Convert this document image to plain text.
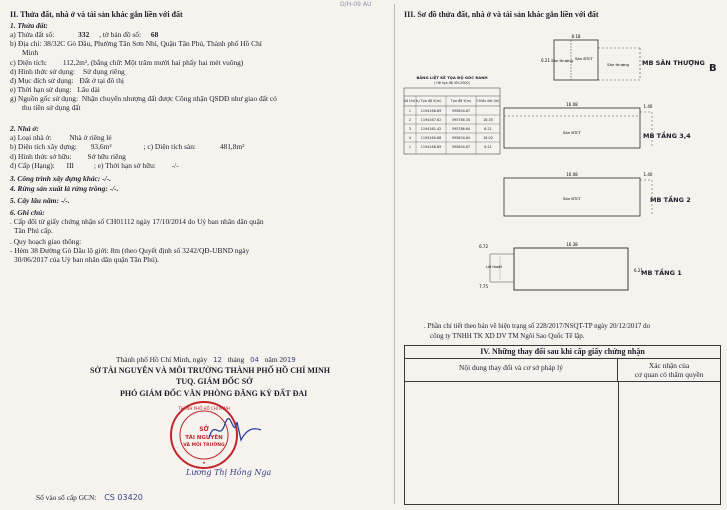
D/H-09 AU
II. Thửa đất, nhà ở và tài sản khác gắn liền với đất
1. Thửa đất:
a) Thửa đất số:	332 , tờ bản đồ số: 68
b) Địa chỉ: 38/32C Gò Dầu, Phường Tân Sơn Nhì, Quận Tân Phú, Thành phố Hồ Chí
Minh
c) Diện tích: 112,2m², (bằng chữ: Một trăm mười hai phẩy hai mét vuông)
d) Hình thức sử dụng: Sử dụng riêng
đ) Mục đích sử dụng: Đất ở tại đô thị
e) Thời hạn sử dụng: Lâu dài
g) Nguồn gốc sử dụng: Nhận chuyển nhượng đất được Công nhận QSDĐ như giao đất có
thu tiền sử dụng đất
2. Nhà ở:
a) Loại nhà ở: Nhà ở riêng lẻ
b) Diện tích xây dựng: 93,6m²	; c) Diện tích sàn:	481,8m²
d) Hình thức sở hữu: Sở hữu riêng
đ) Cấp (Hạng): III	; e) Thời hạn sở hữu: -/-
3. Công trình xây dựng khác: -/-.
4. Rừng sản xuất là rừng trồng: -/-.
5. Cây lâu năm: -/-.
6. Ghi chú:
. Cấp đổi từ giấy chứng nhận số CH01112 ngày 17/10/2014 do Uỷ ban nhân dân quận
Tân Phú cấp.
. Quy hoạch giao thông:
- Hẻm 38 Đường Gò Dầu lộ giới: 8m (theo Quyết định số 3242/QĐ-UBND ngày
30/06/2017 của Uỷ ban nhân dân quận Tân Phú).
Thành phố Hồ Chí Minh, ngày 12 tháng 04 năm 2019
SỞ TÀI NGUYÊN VÀ MÔI TRƯỜNG THÀNH PHỐ HỒ CHÍ MINH
TUQ. GIÁM ĐỐC SỞ
PHÓ GIÁM ĐỐC VĂN PHÒNG ĐĂNG KÝ ĐẤT ĐAI
THÀNH PHỐ HỒ CHÍ MINH
SỞ
TÀI NGUYÊN
VÀ MÔI TRƯỜNG
★
Lương Thị Hồng Nga
Số vào sổ cấp GCN: CS 03420
III. Sơ đồ thửa đất, nhà ở và tài sản khác gắn liền với đất
B
8.18
6.21 Sân thượng Sàn BTCT
Sân thượng
16.08	1.40
Sàn BTCT
16.08	1.40
Sàn BTCT
16.38
6.72
7.75
6.21
Lối thoát
MB SÂN THƯỢNG
MB TẦNG 3,4
MB TẦNG 2
MB TẦNG 1
BẢNG LIỆT KÊ TỌA ĐỘ GÓC RANH
( Hệ tọa độ VN-2000)
Số thứ tự Tọa độ X(m)	Tọa độ Y(m)	Chiều dài (m)
1	1194166.89	595804.67
2	1194167.62	595786.34	18.35
3	1194161.42	595786.64	6.21
4	1194160.68	595804.64	18.02
1	1194166.89	595804.67	6.21
. Phần chỉ tiết theo bản vẽ hiện trạng số 228/2017/NSQT-TP ngày 20/12/2017 do
công ty TNHH TK XD DV TM Ngôi Sao Quốc Tế lập.
IV. Những thay đổi sau khi cấp giấy chứng nhận
Nội dung thay đổi và cơ sở pháp lý	Xác nhận của
cơ quan có thẩm quyền
